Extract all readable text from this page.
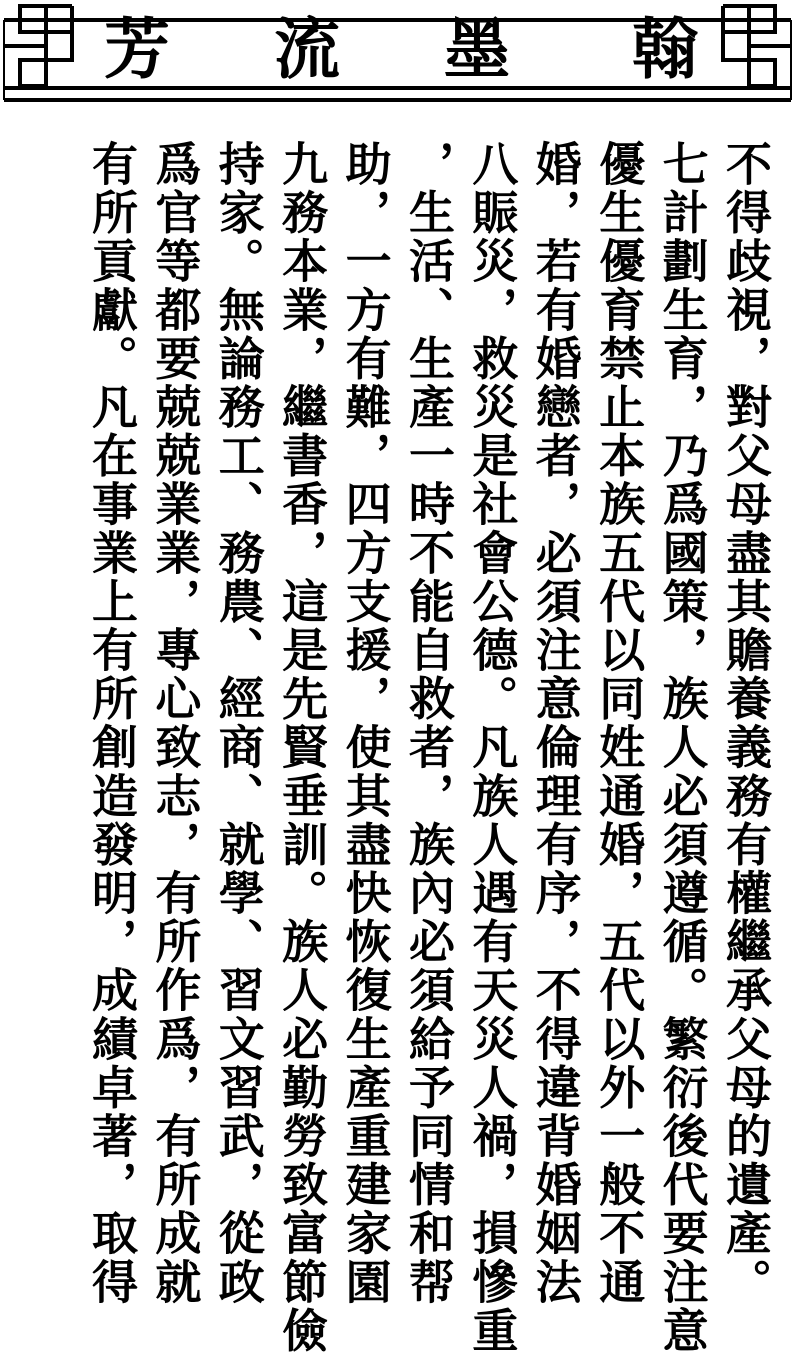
翰
墨
流
芳
不得歧視，對父母盡其贍養義務有權繼承父母的遺產。
七計劃生育，乃爲國策，族人必須遵循。繁衍後代要注意
優生優育禁止本族五代以同姓通婚，五代以外一般不通
婚，若有婚戀者，必須注意倫理有序，不得違背婚姻法
八賑災，救災是社會公德。凡族人遇有天災人禍，損慘重
，生活、生產一時不能自救者，族內必須給予同情和帮
助，一方有難，四方支援，使其盡快恢復生產重建家園
九務本業，繼書香，這是先賢垂訓。族人必勤勞致富節儉
持家。無論務工、務農、經商、就學、習文習武，從政
爲官等都要兢兢業業，專心致志，有所作爲，有所成就
有所貢獻。凡在事業上有所創造發明，成績卓著，取得
